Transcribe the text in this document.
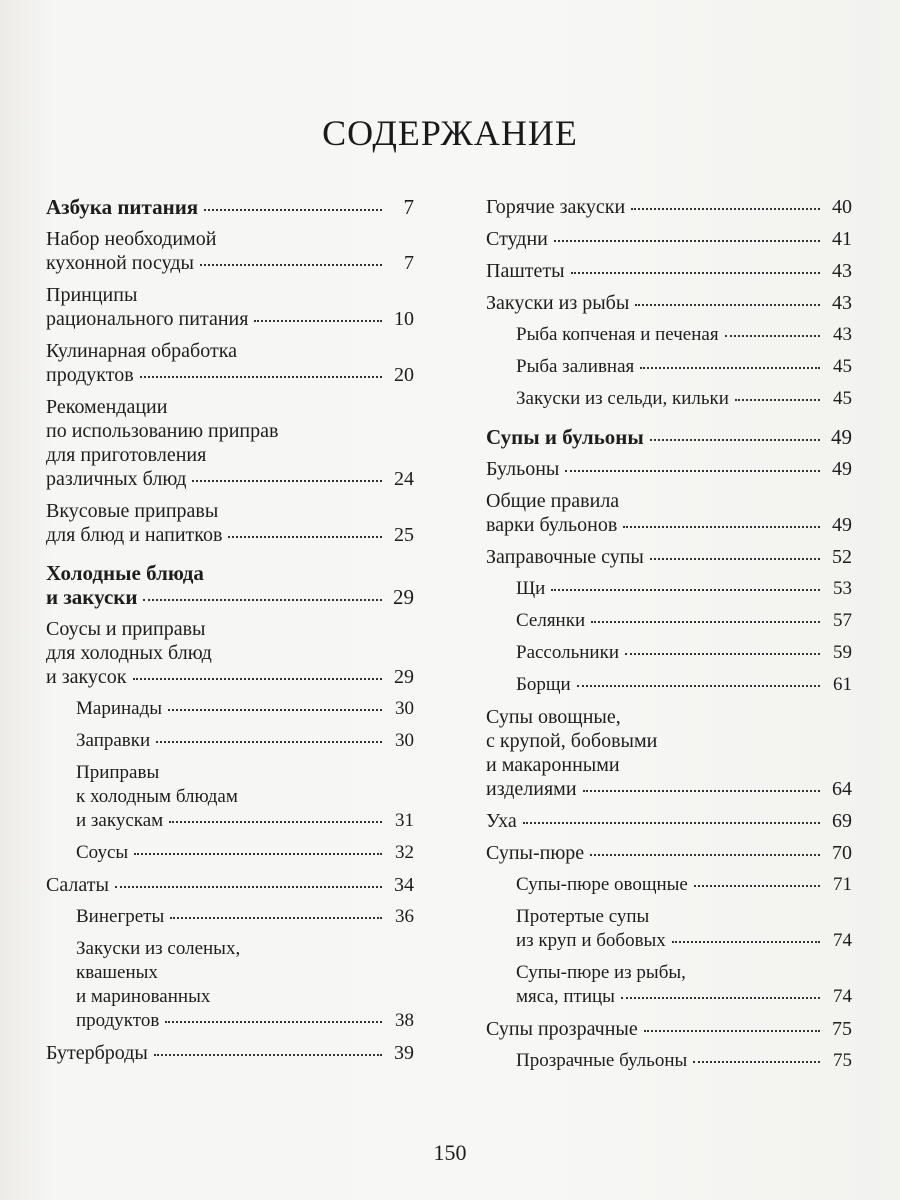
СОДЕРЖАНИЕ
Азбука питания	7
Набор необходимой
кухонной посуды	7
Принципы
рационального питания	10
Кулинарная обработка
продуктов	20
Рекомендации
по использованию приправ
для приготовления
различных блюд	24
Вкусовые приправы
для блюд и напитков	25
Холодные блюда
и закуски	29
Соусы и приправы
для холодных блюд
и закусок	29
Маринады	30
Заправки	30
Приправы
к холодным блюдам
и закускам	31
Соусы	32
Салаты	34
Винегреты	36
Закуски из соленых,
квашеных
и маринованных
продуктов	38
Бутерброды	39
Горячие закуски	40
Студни	41
Паштеты	43
Закуски из рыбы	43
Рыба копченая и печеная	43
Рыба заливная	45
Закуски из сельди, кильки	45
Супы и бульоны	49
Бульоны	49
Общие правила
варки бульонов	49
Заправочные супы	52
Щи	53
Селянки	57
Рассольники	59
Борщи	61
Супы овощные,
с крупой, бобовыми
и макаронными
изделиями	64
Уха	69
Супы-пюре	70
Супы-пюре овощные	71
Протертые супы
из круп и бобовых	74
Супы-пюре из рыбы,
мяса, птицы	74
Супы прозрачные	75
Прозрачные бульоны	75
150
